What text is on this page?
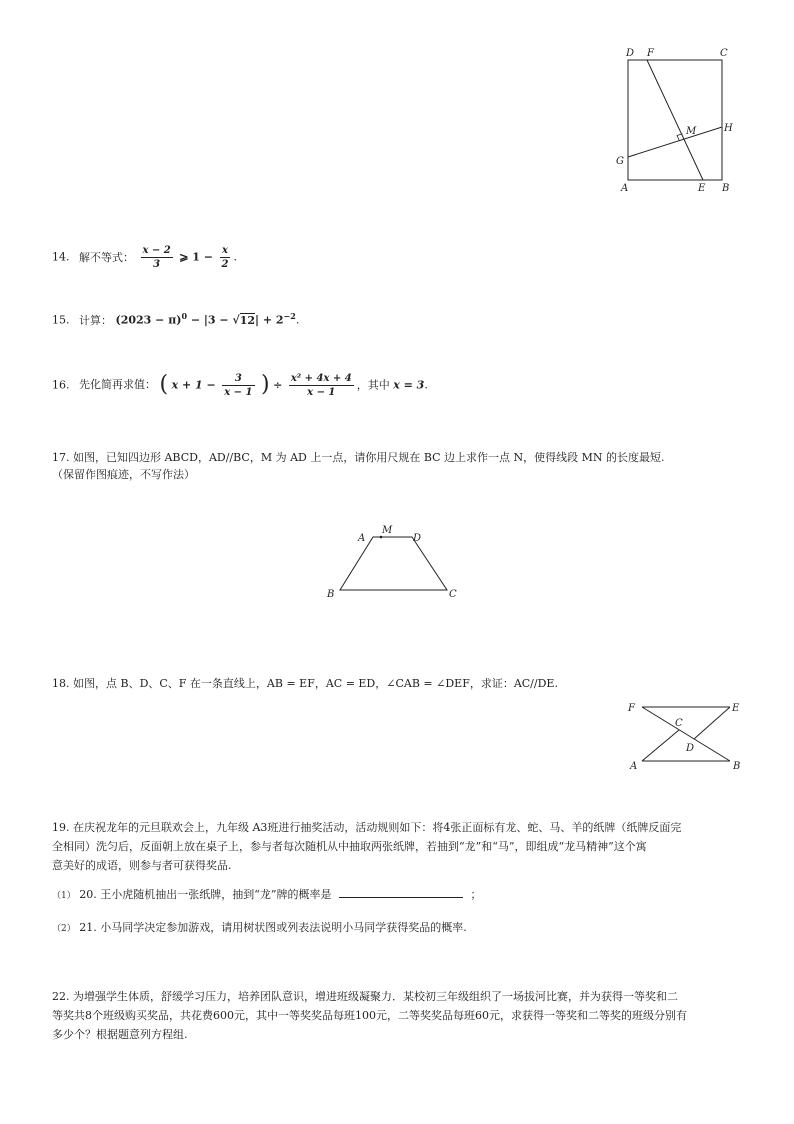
D F	C
M	H
G
A	E B
14. 解不等式： $\frac{x - 2}{3}$ ⩾ $1 - \frac{x}{2}$ .
15. 计算： $(2023 - \pi)^0 - |3 - √12| + 2^{-2}$.
16. 先化简再求值： ( $x + 1 - \frac{3}{x - 1}$ ) ÷ $\frac{\text{x² + 4x + 4}}{x - 1}$ ，其中 x = 3.
17. 如图，已知四边形 ABCD，AD//BC，M 为 AD 上一点，请你用尺规在 BC 边上求作一点 N，使得线段 MN 的长度最短.
（保留作图痕迹，不写作法）
A
M
D
B	C
18. 如图，点 B、D、C、F 在一条直线上，AB = EF，AC = ED，∠CAB = ∠DEF，求证：AC//DE.
F	E
C
D
A	B
19. 在庆祝龙年的元旦联欢会上，九年级 A3班进行抽奖活动，活动规则如下：将4张正面标有龙、蛇、马、羊的纸牌（纸牌反面完
全相同）洗匀后，反面朝上放在桌子上，参与者每次随机从中抽取两张纸牌，若抽到“龙”和“马”，即组成“龙马精神”这个寓
意美好的成语，则参与者可获得奖品.
（1） 20. 王小虎随机抽出一张纸牌，抽到“龙”牌的概率是	；
（2） 21. 小马同学决定参加游戏，请用树状图或列表法说明小马同学获得奖品的概率.
22. 为增强学生体质，舒缓学习压力，培养团队意识，增进班级凝聚力．某校初三年级组织了一场拔河比赛，并为获得一等奖和二
等奖共8个班级购买奖品，共花费600元，其中一等奖奖品每班100元，二等奖奖品每班60元，求获得一等奖和二等奖的班级分别有
多少个？根据题意列方程组.
